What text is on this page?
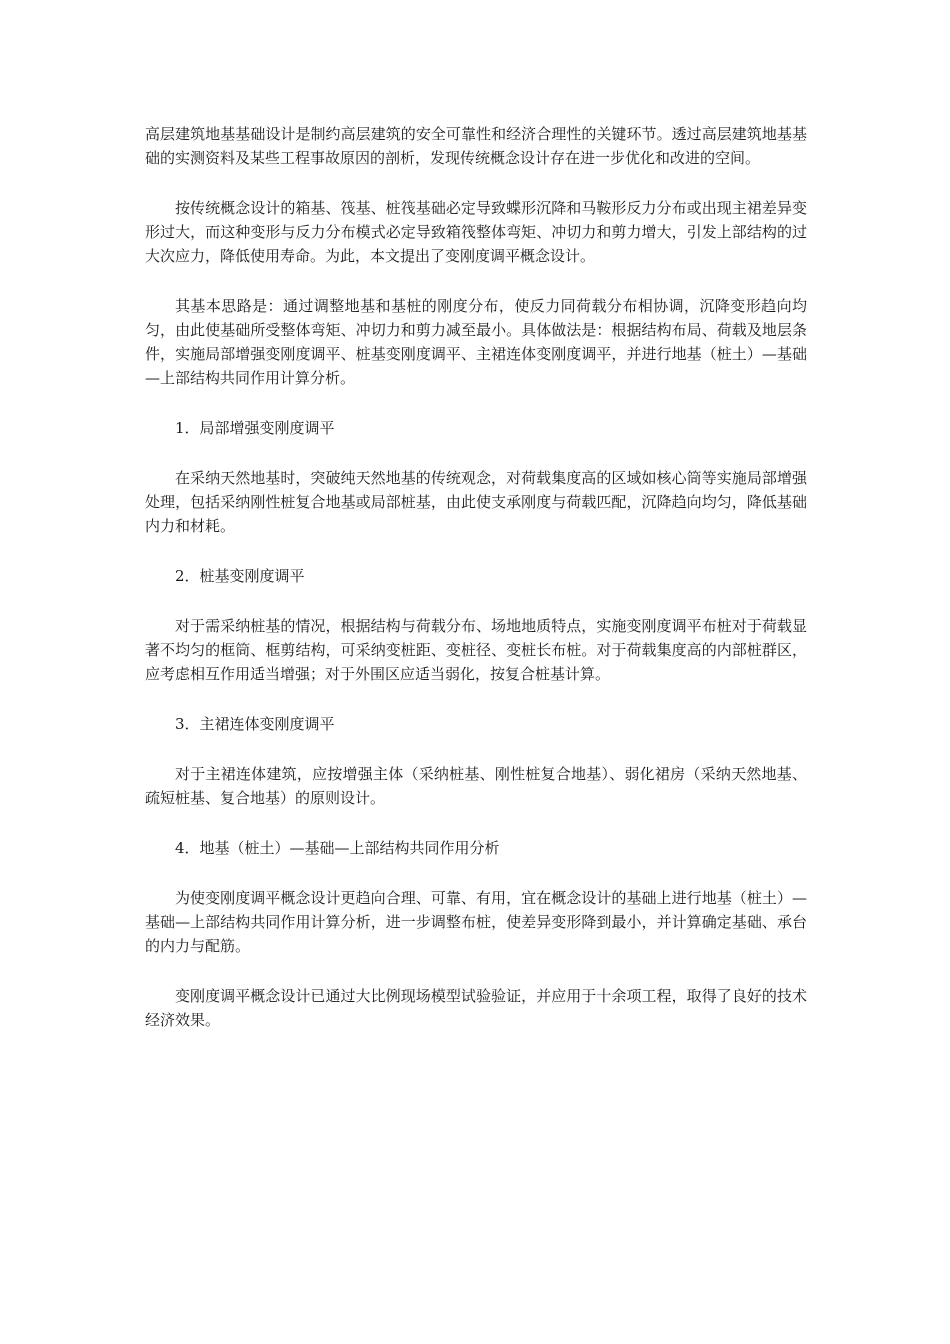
高层建筑地基基础设计是制约高层建筑的安全可靠性和经济合理性的关键环节。透过高层建筑地基基础的实测资料及某些工程事故原因的剖析，发现传统概念设计存在进一步优化和改进的空间。

按传统概念设计的箱基、筏基、桩筏基础必定导致蝶形沉降和马鞍形反力分布或出现主裙差异变形过大，而这种变形与反力分布模式必定导致箱筏整体弯矩、冲切力和剪力增大，引发上部结构的过大次应力，降低使用寿命。为此，本文提出了变刚度调平概念设计。

其基本思路是：通过调整地基和基桩的刚度分布，使反力同荷载分布相协调，沉降变形趋向均匀，由此使基础所受整体弯矩、冲切力和剪力减至最小。具体做法是：根据结构布局、荷载及地层条件，实施局部增强变刚度调平、桩基变刚度调平、主裙连体变刚度调平，并进行地基（桩土）—基础—上部结构共同作用计算分析。

1．局部增强变刚度调平

在采纳天然地基时，突破纯天然地基的传统观念，对荷载集度高的区域如核心筒等实施局部增强处理，包括采纳刚性桩复合地基或局部桩基，由此使支承刚度与荷载匹配，沉降趋向均匀，降低基础内力和材耗。

2．桩基变刚度调平

对于需采纳桩基的情况，根据结构与荷载分布、场地地质特点，实施变刚度调平布桩对于荷载显著不均匀的框筒、框剪结构，可采纳变桩距、变桩径、变桩长布桩。对于荷载集度高的内部桩群区，应考虑相互作用适当增强；对于外围区应适当弱化，按复合桩基计算。

3．主裙连体变刚度调平

对于主裙连体建筑，应按增强主体（采纳桩基、刚性桩复合地基）、弱化裙房（采纳天然地基、疏短桩基、复合地基）的原则设计。

4．地基（桩土）—基础—上部结构共同作用分析

为使变刚度调平概念设计更趋向合理、可靠、有用，宜在概念设计的基础上进行地基（桩土）—基础—上部结构共同作用计算分析，进一步调整布桩，使差异变形降到最小，并计算确定基础、承台的内力与配筋。

变刚度调平概念设计已通过大比例现场模型试验验证，并应用于十余项工程，取得了良好的技术经济效果。
